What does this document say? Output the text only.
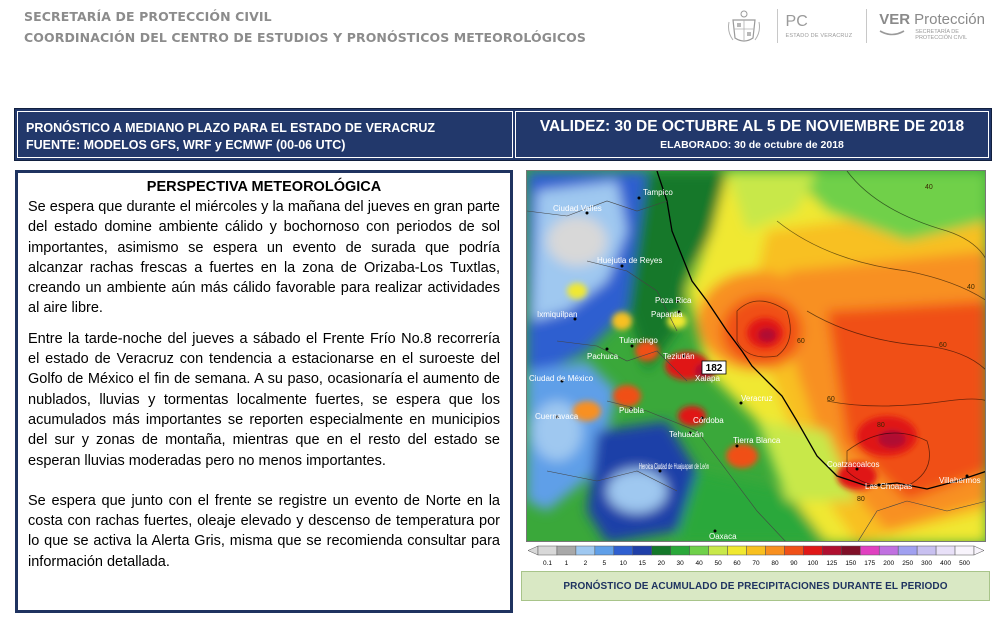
SECRETARÍA DE PROTECCIÓN CIVIL
COORDINACIÓN DEL CENTRO DE ESTUDIOS Y PRONÓSTICOS METEOROLÓGICOS
PC
ESTADO DE VERACRUZ
VER Protección
SECRETARÍA DE
PROTECCIÓN CIVIL
PRONÓSTICO A MEDIANO PLAZO PARA EL ESTADO DE VERACRUZ
FUENTE: MODELOS GFS, WRF y ECMWF (00-06 UTC)
VALIDEZ: 30 DE OCTUBRE AL 5 DE NOVIEMBRE DE 2018
ELABORADO: 30 de octubre de 2018
PERSPECTIVA METEOROLÓGICA
Se espera que durante el miércoles y la mañana del jueves en gran parte del estado domine ambiente cálido y bochornoso con periodos de sol importantes, asimismo se espera un evento de surada que podría alcanzar rachas frescas a fuertes en la zona de Orizaba-Los Tuxtlas, creando un ambiente aún más cálido favorable para realizar actividades al aire libre.
Entre la tarde-noche del jueves a sábado el Frente Frío No.8 recorrería el estado de Veracruz con tendencia a estacionarse en el suroeste del Golfo de México el fin de semana. A su paso, ocasionaría el aumento de nublados, lluvias y tormentas localmente fuertes, se espera que los acumulados más importantes se reporten especialmente en municipios del sur y zonas de montaña, mientras que en el resto del estado se esperan lluvias moderadas pero no menos importantes.
Se espera que junto con el frente se registre un evento de Norte en la costa con rachas fuertes, oleaje elevado y descenso de temperatura por lo que se activa la Alerta Gris, misma que se recomienda consultar para información detallada.
Tampico
Ciudad Valles
Huejutla de Reyes
Poza Rica
Papantla
Ixmiquilpan
Pachuca
Tulancingo
Teziutlán
Xalapa
Ciudad de México
Cuernavaca
Puebla
Veracruz
Córdoba
Tehuacán
Tierra Blanca
Heroica Ciudad de Huajuapan de León	Coatzacoalcos
Las Choapas
Villahermos
Oaxaca
40
40
60
80
80
60
60
182
0.1 1 2 5 10 15 20 30 40 50 60 70 80 90 100 125 150 175 200 250 300 400 500
PRONÓSTICO DE ACUMULADO DE PRECIPITACIONES DURANTE EL PERIODO
